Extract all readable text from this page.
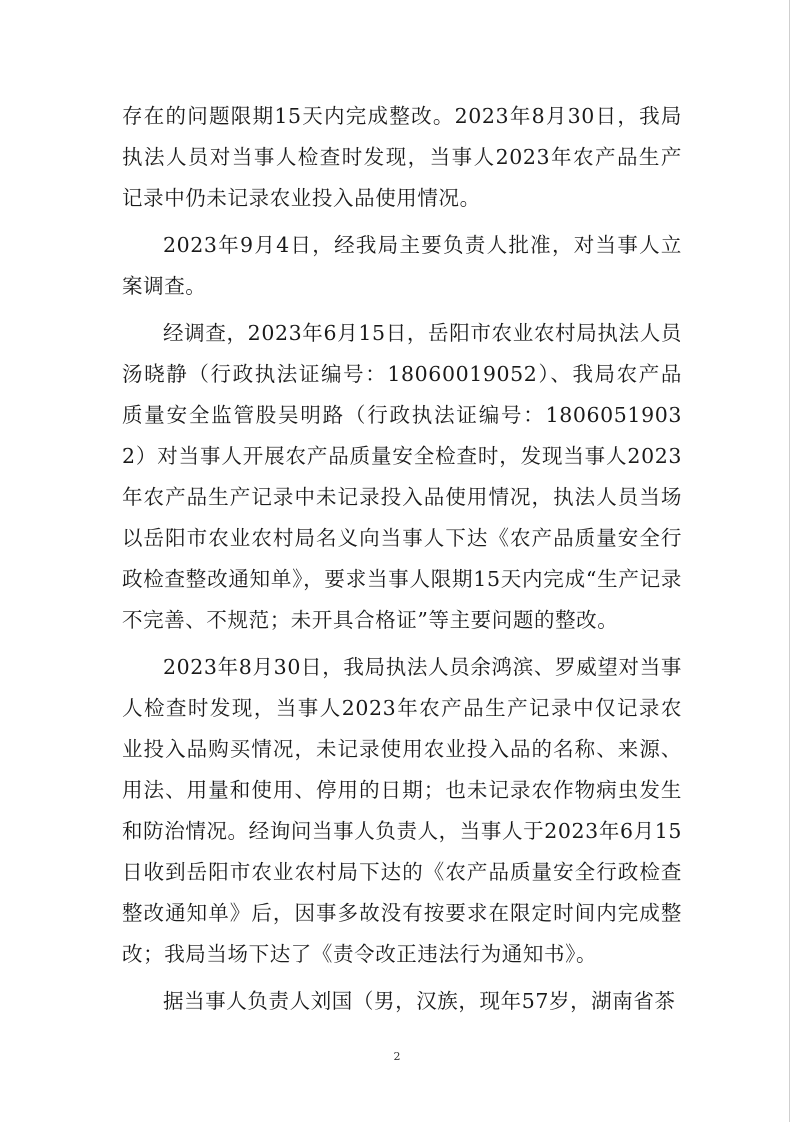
存在的问题限期15天内完成整改。2023年8月30日，我局执法人员对当事人检查时发现，当事人2023年农产品生产记录中仍未记录农业投入品使用情况。

2023年9月4日，经我局主要负责人批准，对当事人立案调查。

经调查，2023年6月15日，岳阳市农业农村局执法人员汤晓静（行政执法证编号：18060019052）、我局农产品质量安全监管股吴明路（行政执法证编号：18060519032）对当事人开展农产品质量安全检查时，发现当事人2023年农产品生产记录中未记录投入品使用情况，执法人员当场以岳阳市农业农村局名义向当事人下达《农产品质量安全行政检查整改通知单》，要求当事人限期15天内完成“生产记录不完善、不规范；未开具合格证”等主要问题的整改。

2023年8月30日，我局执法人员余鸿滨、罗威望对当事人检查时发现，当事人2023年农产品生产记录中仅记录农业投入品购买情况，未记录使用农业投入品的名称、来源、用法、用量和使用、停用的日期；也未记录农作物病虫发生和防治情况。经询问当事人负责人，当事人于2023年6月15日收到岳阳市农业农村局下达的《农产品质量安全行政检查整改通知单》后，因事多故没有按要求在限定时间内完成整改；我局当场下达了《责令改正违法行为通知书》。

据当事人负责人刘国（男，汉族，现年57岁，湖南省茶

2
